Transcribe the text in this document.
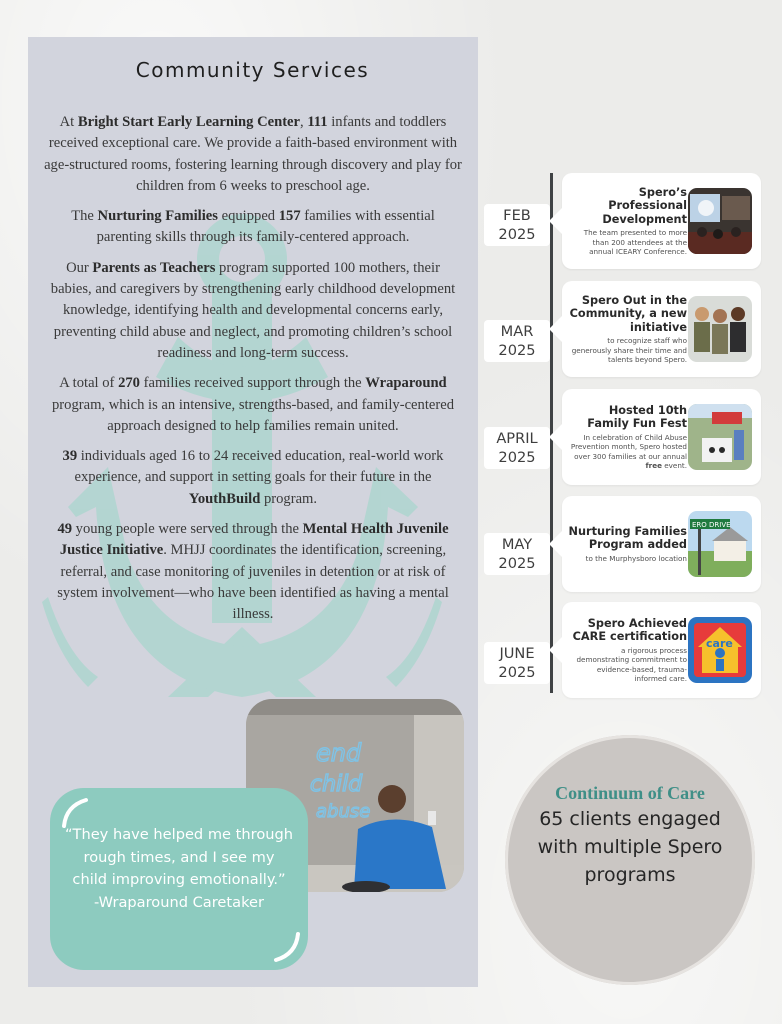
Community Services

At Bright Start Early Learning Center, 111 infants and toddlers received exceptional care. We provide a faith-based environment with age-structured rooms, fostering learning through discovery and play for children from 6 weeks to preschool age.

The Nurturing Families equipped 157 families with essential parenting skills through its family-centered approach.

Our Parents as Teachers program supported 100 mothers, their babies, and caregivers by strengthening early childhood development knowledge, identifying health and developmental concerns early, preventing child abuse and neglect, and promoting children’s school readiness and long-term success.

A total of 270 families received support through the Wraparound program, which is an intensive, strengths-based, and family-centered approach designed to help families remain united.

39 individuals aged 16 to 24 received education, real-world work experience, and support in setting goals for their future in the YouthBuild program.

49 young people were served through the Mental Health Juvenile Justice Initiative. MHJJ coordinates the identification, screening, referral, and case monitoring of juveniles in detention or at risk of system involvement—who have been identified as having a mental illness.

end
child
abuse
“They have helped me through rough times, and I see my child improving emotionally.”
-Wraparound Caretaker
FEB
2025
Spero’s Professional Development
The team presented to more than 200 attendees at the annual ICEARY Conference.
MAR
2025
Spero Out in the Community, a new initiative
to recognize staff who generously share their time and talents beyond Spero.
APRIL
2025
Hosted 10th Family Fun Fest
In celebration of Child Abuse Prevention month, Spero hosted over 300 families at our annual free event.
MAY
2025
Nurturing Families Program added
to the Murphysboro location
ERO DRIVE
JUNE
2025
Spero Achieved CARE certification
a rigorous process demonstrating commitment to evidence-based, trauma-informed care.
care
Continuum of Care
65 clients engaged with multiple Spero programs
